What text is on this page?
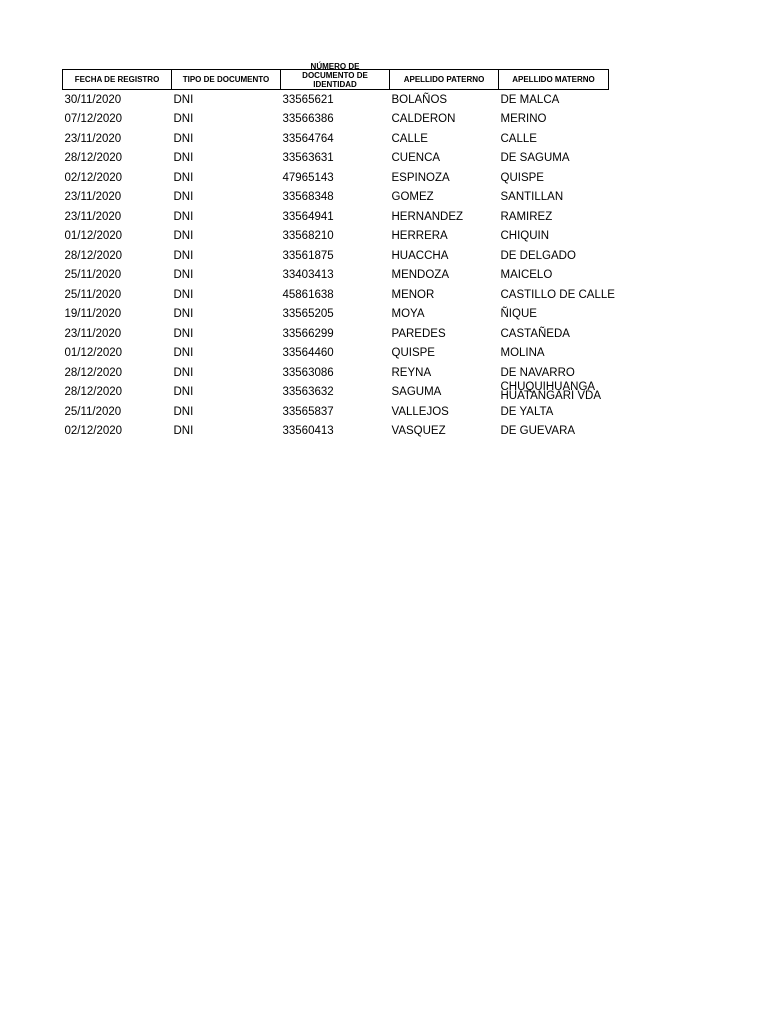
FECHA DE REGISTRO	TIPO DE DOCUMENTO	NÚMERO DE DOCUMENTO DE IDENTIDAD	APELLIDO PATERNO	APELLIDO MATERNO
30/11/2020	DNI	33565621	BOLAÑOS	DE MALCA
07/12/2020	DNI	33566386	CALDERON	MERINO
23/11/2020	DNI	33564764	CALLE	CALLE
28/12/2020	DNI	33563631	CUENCA	DE SAGUMA
02/12/2020	DNI	47965143	ESPINOZA	QUISPE
23/11/2020	DNI	33568348	GOMEZ	SANTILLAN
23/11/2020	DNI	33564941	HERNANDEZ	RAMIREZ
01/12/2020	DNI	33568210	HERRERA	CHIQUIN
28/12/2020	DNI	33561875	HUACCHA	DE DELGADO
25/11/2020	DNI	33403413	MENDOZA	MAICELO
25/11/2020	DNI	45861638	MENOR	CASTILLO DE CALLE
19/11/2020	DNI	33565205	MOYA	ÑIQUE
23/11/2020	DNI	33566299	PAREDES	CASTAÑEDA
01/12/2020	DNI	33564460	QUISPE	MOLINA
28/12/2020	DNI	33563086	REYNA	DE NAVARRO
28/12/2020	DNI	33563632	SAGUMA	CHUQUIHUANGA HUATANGARI VDA

25/11/2020	DNI	33565837	VALLEJOS	DE YALTA
02/12/2020	DNI	33560413	VASQUEZ	DE GUEVARA
